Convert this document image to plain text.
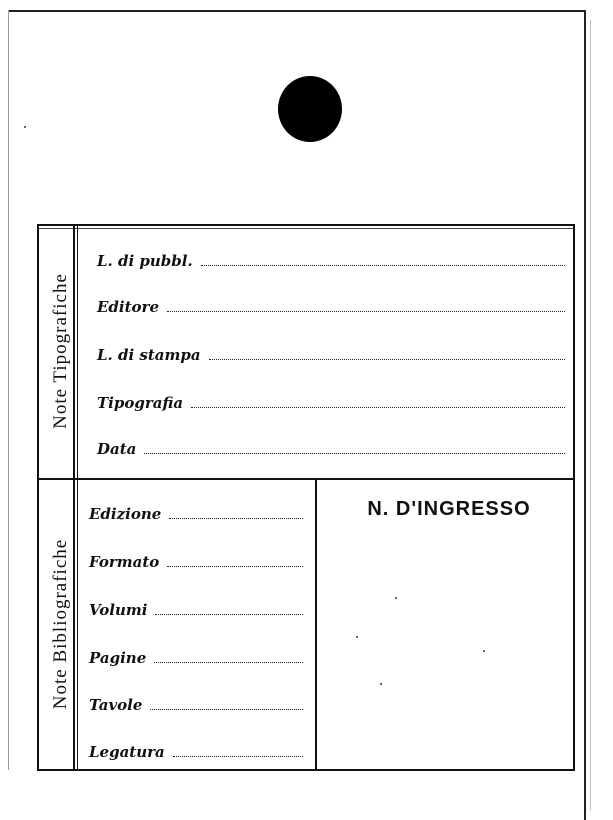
Note Tipografiche
Note Bibliografiche
L. di pubbl.
Editore
L. di stampa
Tipografia
Data
Edizione
Formato
Volumi
Pagine
Tavole
Legatura
N. D'INGRESSO
